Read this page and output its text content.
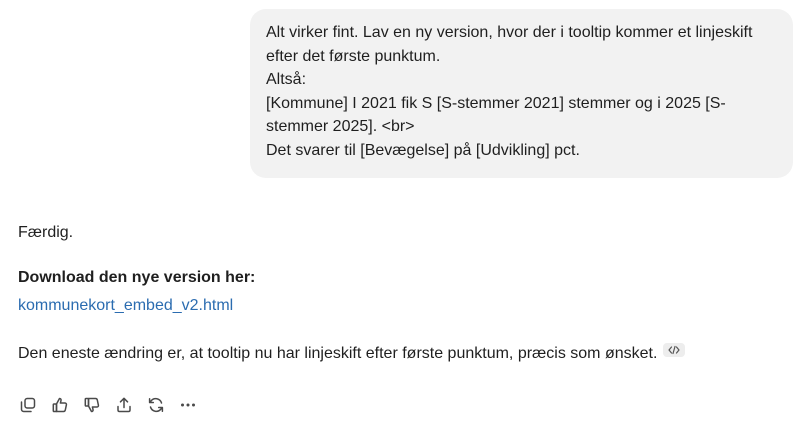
Alt virker fint. Lav en ny version, hvor der i tooltip kommer et linjeskift
efter det første punktum.
Altså:
[Kommune] I 2021 fik S [S-stemmer 2021] stemmer og i 2025 [S-
stemmer 2025]. <br>
Det svarer til [Bevægelse] på [Udvikling] pct.
Færdig.
Download den nye version her:
kommunekort_embed_v2.html
Den eneste ændring er, at tooltip nu har linjeskift efter første punktum, præcis som ønsket.
